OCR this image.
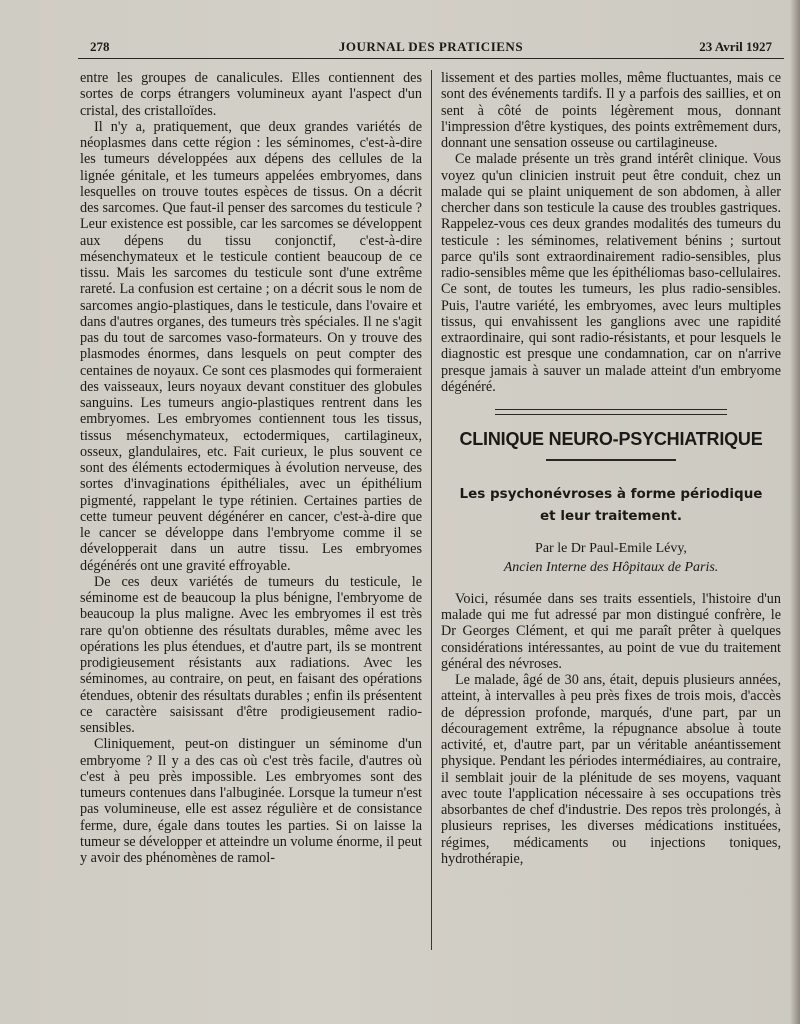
278	JOURNAL DES PRATICIENS	23 Avril 1927

entre les groupes de canalicules. Elles contiennent des sortes de corps étrangers volumineux ayant l'aspect d'un cristal, des cristalloïdes.

Il n'y a, pratiquement, que deux grandes variétés de néoplasmes dans cette région : les séminomes, c'est-à-dire les tumeurs développées aux dépens des cellules de la lignée génitale, et les tumeurs appelées embryomes, dans lesquelles on trouve toutes espèces de tissus. On a décrit des sarcomes. Que faut-il penser des sarcomes du testicule ? Leur existence est possible, car les sarcomes se développent aux dépens du tissu conjonctif, c'est-à-dire mésenchymateux et le testicule contient beaucoup de ce tissu. Mais les sarcomes du testicule sont d'une extrême rareté. La confusion est certaine ; on a décrit sous le nom de sarcomes angio-plastiques, dans le testicule, dans l'ovaire et dans d'autres organes, des tumeurs très spéciales. Il ne s'agit pas du tout de sarcomes vaso-formateurs. On y trouve des plasmodes énormes, dans lesquels on peut compter des centaines de noyaux. Ce sont ces plasmodes qui formeraient des vaisseaux, leurs noyaux devant constituer des globules sanguins. Les tumeurs angio-plastiques rentrent dans les embryomes. Les embryomes contiennent tous les tissus, tissus mésenchymateux, ectodermiques, cartilagineux, osseux, glandulaires, etc. Fait curieux, le plus souvent ce sont des éléments ectodermiques à évolution nerveuse, des sortes d'invaginations épithéliales, avec un épithélium pigmenté, rappelant le type rétinien. Certaines parties de cette tumeur peuvent dégénérer en cancer, c'est-à-dire que le cancer se développe dans l'embryome comme il se développerait dans un autre tissu. Les embryomes dégénérés ont une gravité effroyable.

De ces deux variétés de tumeurs du testicule, le séminome est de beaucoup la plus bénigne, l'embryome de beaucoup la plus maligne. Avec les embryomes il est très rare qu'on obtienne des résultats durables, même avec les opérations les plus étendues, et d'autre part, ils se montrent prodigieusement résistants aux radiations. Avec les séminomes, au contraire, on peut, en faisant des opérations étendues, obtenir des résultats durables ; enfin ils présentent ce caractère saisissant d'être prodigieusement radio-sensibles.

Cliniquement, peut-on distinguer un séminome d'un embryome ? Il y a des cas où c'est très facile, d'autres où c'est à peu près impossible. Les embryomes sont des tumeurs contenues dans l'albuginée. Lorsque la tumeur n'est pas volumineuse, elle est assez régulière et de consistance ferme, dure, égale dans toutes les parties. Si on laisse la tumeur se développer et atteindre un volume énorme, il peut y avoir des phénomènes de ramol-

lissement et des parties molles, même fluctuantes, mais ce sont des événements tardifs. Il y a parfois des saillies, et on sent à côté de points légèrement mous, donnant l'impression d'être kystiques, des points extrêmement durs, donnant une sensation osseuse ou cartilagineuse.

Ce malade présente un très grand intérêt clinique. Vous voyez qu'un clinicien instruit peut être conduit, chez un malade qui se plaint uniquement de son abdomen, à aller chercher dans son testicule la cause des troubles gastriques. Rappelez-vous ces deux grandes modalités des tumeurs du testicule : les séminomes, relativement bénins ; surtout parce qu'ils sont extraordinairement radio-sensibles, plus radio-sensibles même que les épithéliomas baso-cellulaires. Ce sont, de toutes les tumeurs, les plus radio-sensibles. Puis, l'autre variété, les embryomes, avec leurs multiples tissus, qui envahissent les ganglions avec une rapidité extraordinaire, qui sont radio-résistants, et pour lesquels le diagnostic est presque une condamnation, car on n'arrive presque jamais à sauver un malade atteint d'un embryome dégénéré.

CLINIQUE NEURO-PSYCHIATRIQUE
Les psychonévroses à forme périodique
et leur traitement.
Par le Dr Paul-Emile Lévy,
Ancien Interne des Hôpitaux de Paris.

Voici, résumée dans ses traits essentiels, l'histoire d'un malade qui me fut adressé par mon distingué confrère, le Dr Georges Clément, et qui me paraît prêter à quelques considérations intéressantes, au point de vue du traitement général des névroses.

Le malade, âgé de 30 ans, était, depuis plusieurs années, atteint, à intervalles à peu près fixes de trois mois, d'accès de dépression profonde, marqués, d'une part, par un découragement extrême, la répugnance absolue à toute activité, et, d'autre part, par un véritable anéantissement physique. Pendant les périodes intermédiaires, au contraire, il semblait jouir de la plénitude de ses moyens, vaquant avec toute l'application nécessaire à ses occupations très absorbantes de chef d'industrie. Des repos très prolongés, à plusieurs reprises, les diverses médications instituées, régimes, médicaments ou injections toniques, hydrothérapie,
